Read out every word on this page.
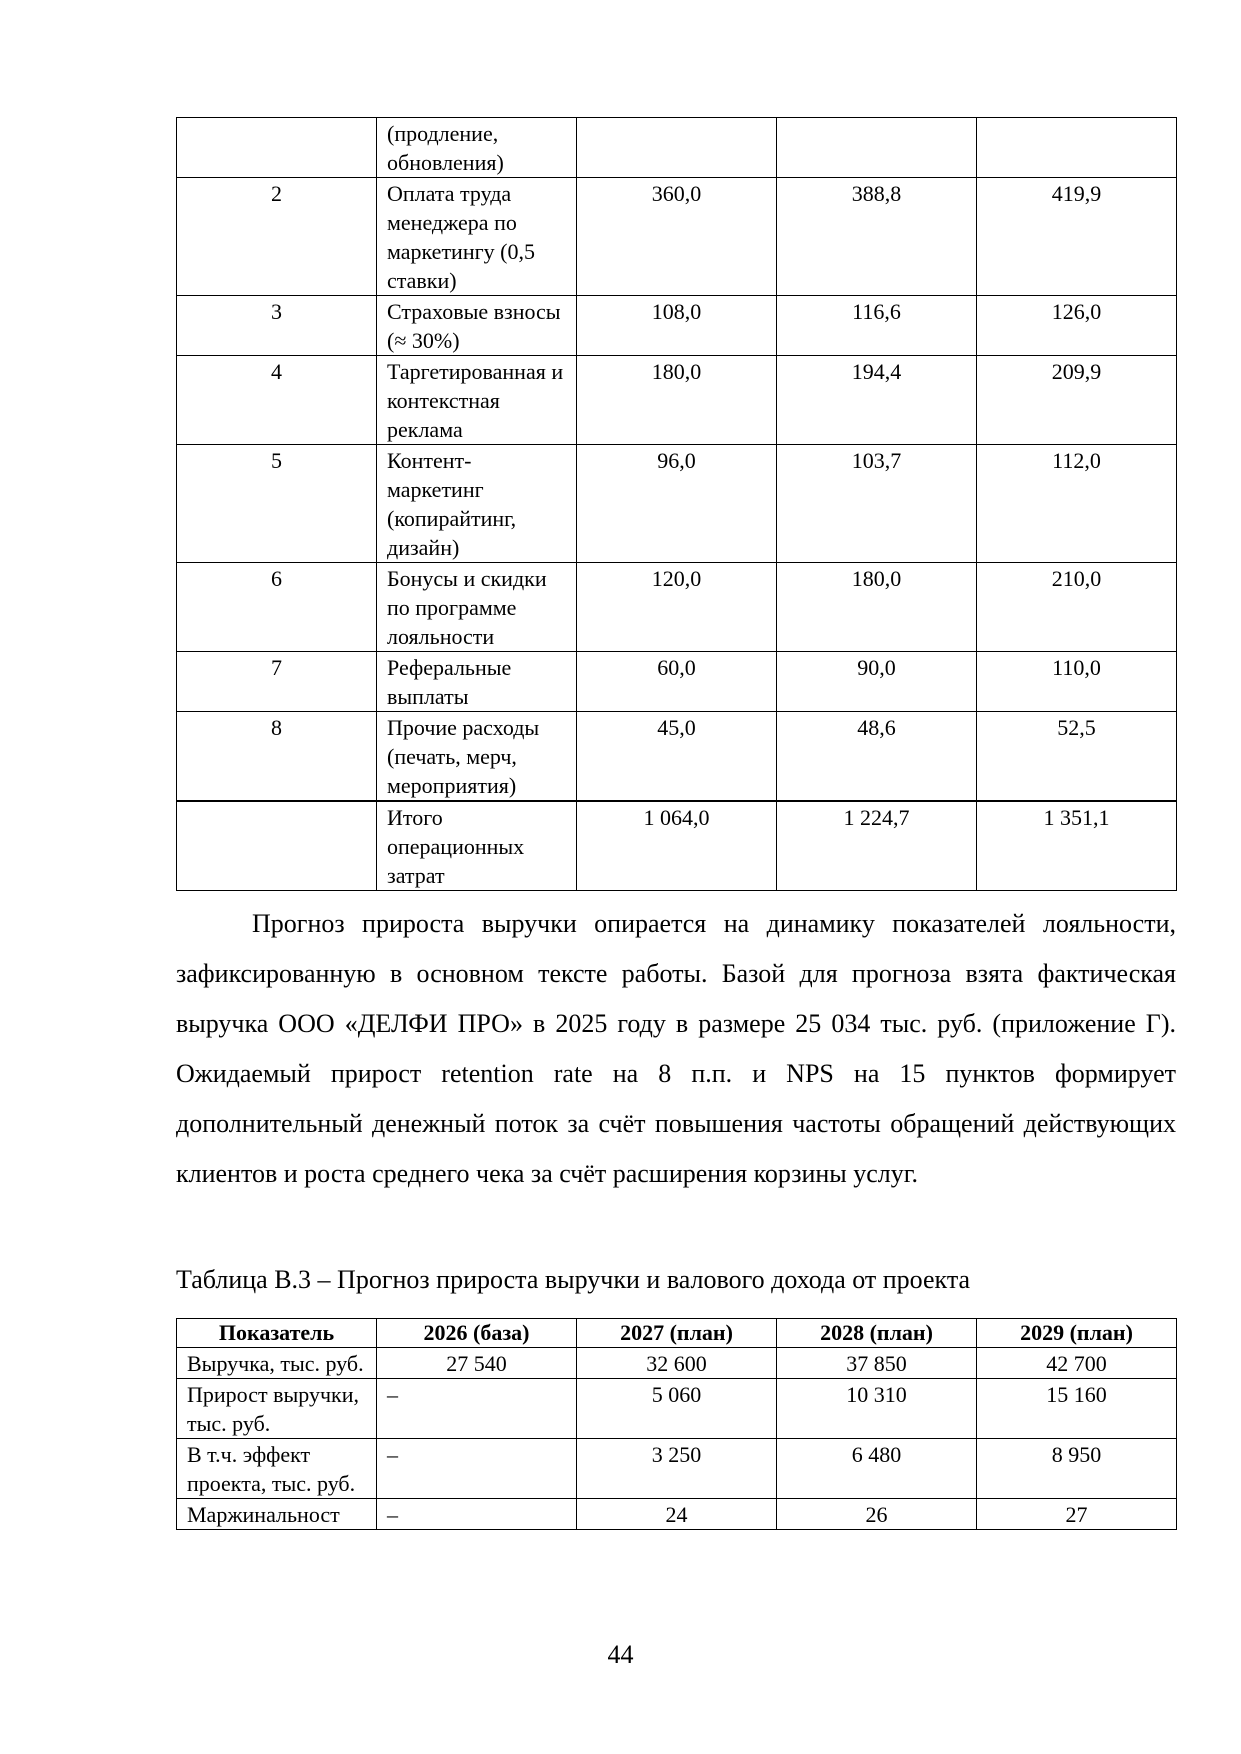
	(продление, обновления)			
2	Оплата труда менеджера по маркетингу (0,5 ставки)	360,0	388,8	419,9
3	Страховые взносы (≈ 30%)	108,0	116,6	126,0
4	Таргетированная и контекстная реклама	180,0	194,4	209,9
5	Контент-маркетинг (копирайтинг, дизайн)	96,0	103,7	112,0
6	Бонусы и скидки по программе лояльности	120,0	180,0	210,0
7	Реферальные выплаты	60,0	90,0	110,0
8	Прочие расходы (печать, мерч, мероприятия)	45,0	48,6	52,5
	Итого операционных затрат	1 064,0	1 224,7	1 351,1

Прогноз прироста выручки опирается на динамику показателей лояльности, зафиксированную в основном тексте работы. Базой для прогноза взята фактическая выручка ООО «ДЕЛФИ ПРО» в 2025 году в размере 25 034 тыс. руб. (приложение Г). Ожидаемый прирост retention rate на 8 п.п. и NPS на 15 пунктов формирует дополнительный денежный поток за счёт повышения частоты обращений действующих клиентов и роста среднего чека за счёт расширения корзины услуг.

Таблица В.3 – Прогноз прироста выручки и валового дохода от проекта

Показатель	2026 (база)	2027 (план)	2028 (план)	2029 (план)
Выручка, тыс. руб.	27 540	32 600	37 850	42 700
Прирост выручки, тыс. руб.	–	5 060	10 310	15 160
В т.ч. эффект проекта, тыс. руб.	–	3 250	6 480	8 950
Маржинальност	–	24	26	27
44
